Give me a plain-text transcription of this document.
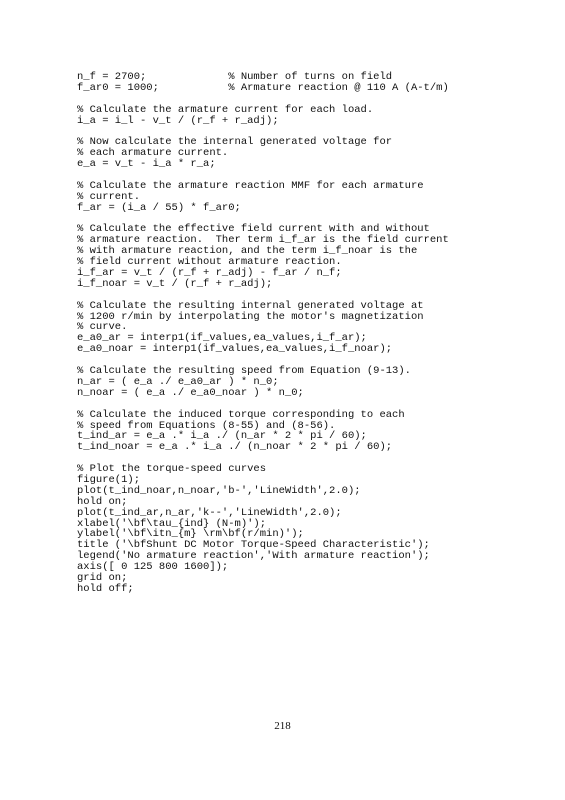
n_f = 2700;             % Number of turns on field
f_ar0 = 1000;           % Armature reaction @ 110 A (A-t/m)

% Calculate the armature current for each load.
i_a = i_l - v_t / (r_f + r_adj);

% Now calculate the internal generated voltage for
% each armature current.
e_a = v_t - i_a * r_a;

% Calculate the armature reaction MMF for each armature
% current.
f_ar = (i_a / 55) * f_ar0;

% Calculate the effective field current with and without
% armature reaction.  Ther term i_f_ar is the field current
% with armature reaction, and the term i_f_noar is the
% field current without armature reaction.
i_f_ar = v_t / (r_f + r_adj) - f_ar / n_f;
i_f_noar = v_t / (r_f + r_adj);

% Calculate the resulting internal generated voltage at
% 1200 r/min by interpolating the motor's magnetization
% curve.
e_a0_ar = interp1(if_values,ea_values,i_f_ar);
e_a0_noar = interp1(if_values,ea_values,i_f_noar);

% Calculate the resulting speed from Equation (9-13).
n_ar = ( e_a ./ e_a0_ar ) * n_0;
n_noar = ( e_a ./ e_a0_noar ) * n_0;

% Calculate the induced torque corresponding to each
% speed from Equations (8-55) and (8-56).
t_ind_ar = e_a .* i_a ./ (n_ar * 2 * pi / 60);
t_ind_noar = e_a .* i_a ./ (n_noar * 2 * pi / 60);

% Plot the torque-speed curves
figure(1);
plot(t_ind_noar,n_noar,'b-','LineWidth',2.0);
hold on;
plot(t_ind_ar,n_ar,'k--','LineWidth',2.0);
xlabel('\bf\tau_{ind} (N-m)');
ylabel('\bf\itn_{m} \rm\bf(r/min)');
title ('\bfShunt DC Motor Torque-Speed Characteristic');
legend('No armature reaction','With armature reaction');
axis([ 0 125 800 1600]);
grid on;
hold off;
218
